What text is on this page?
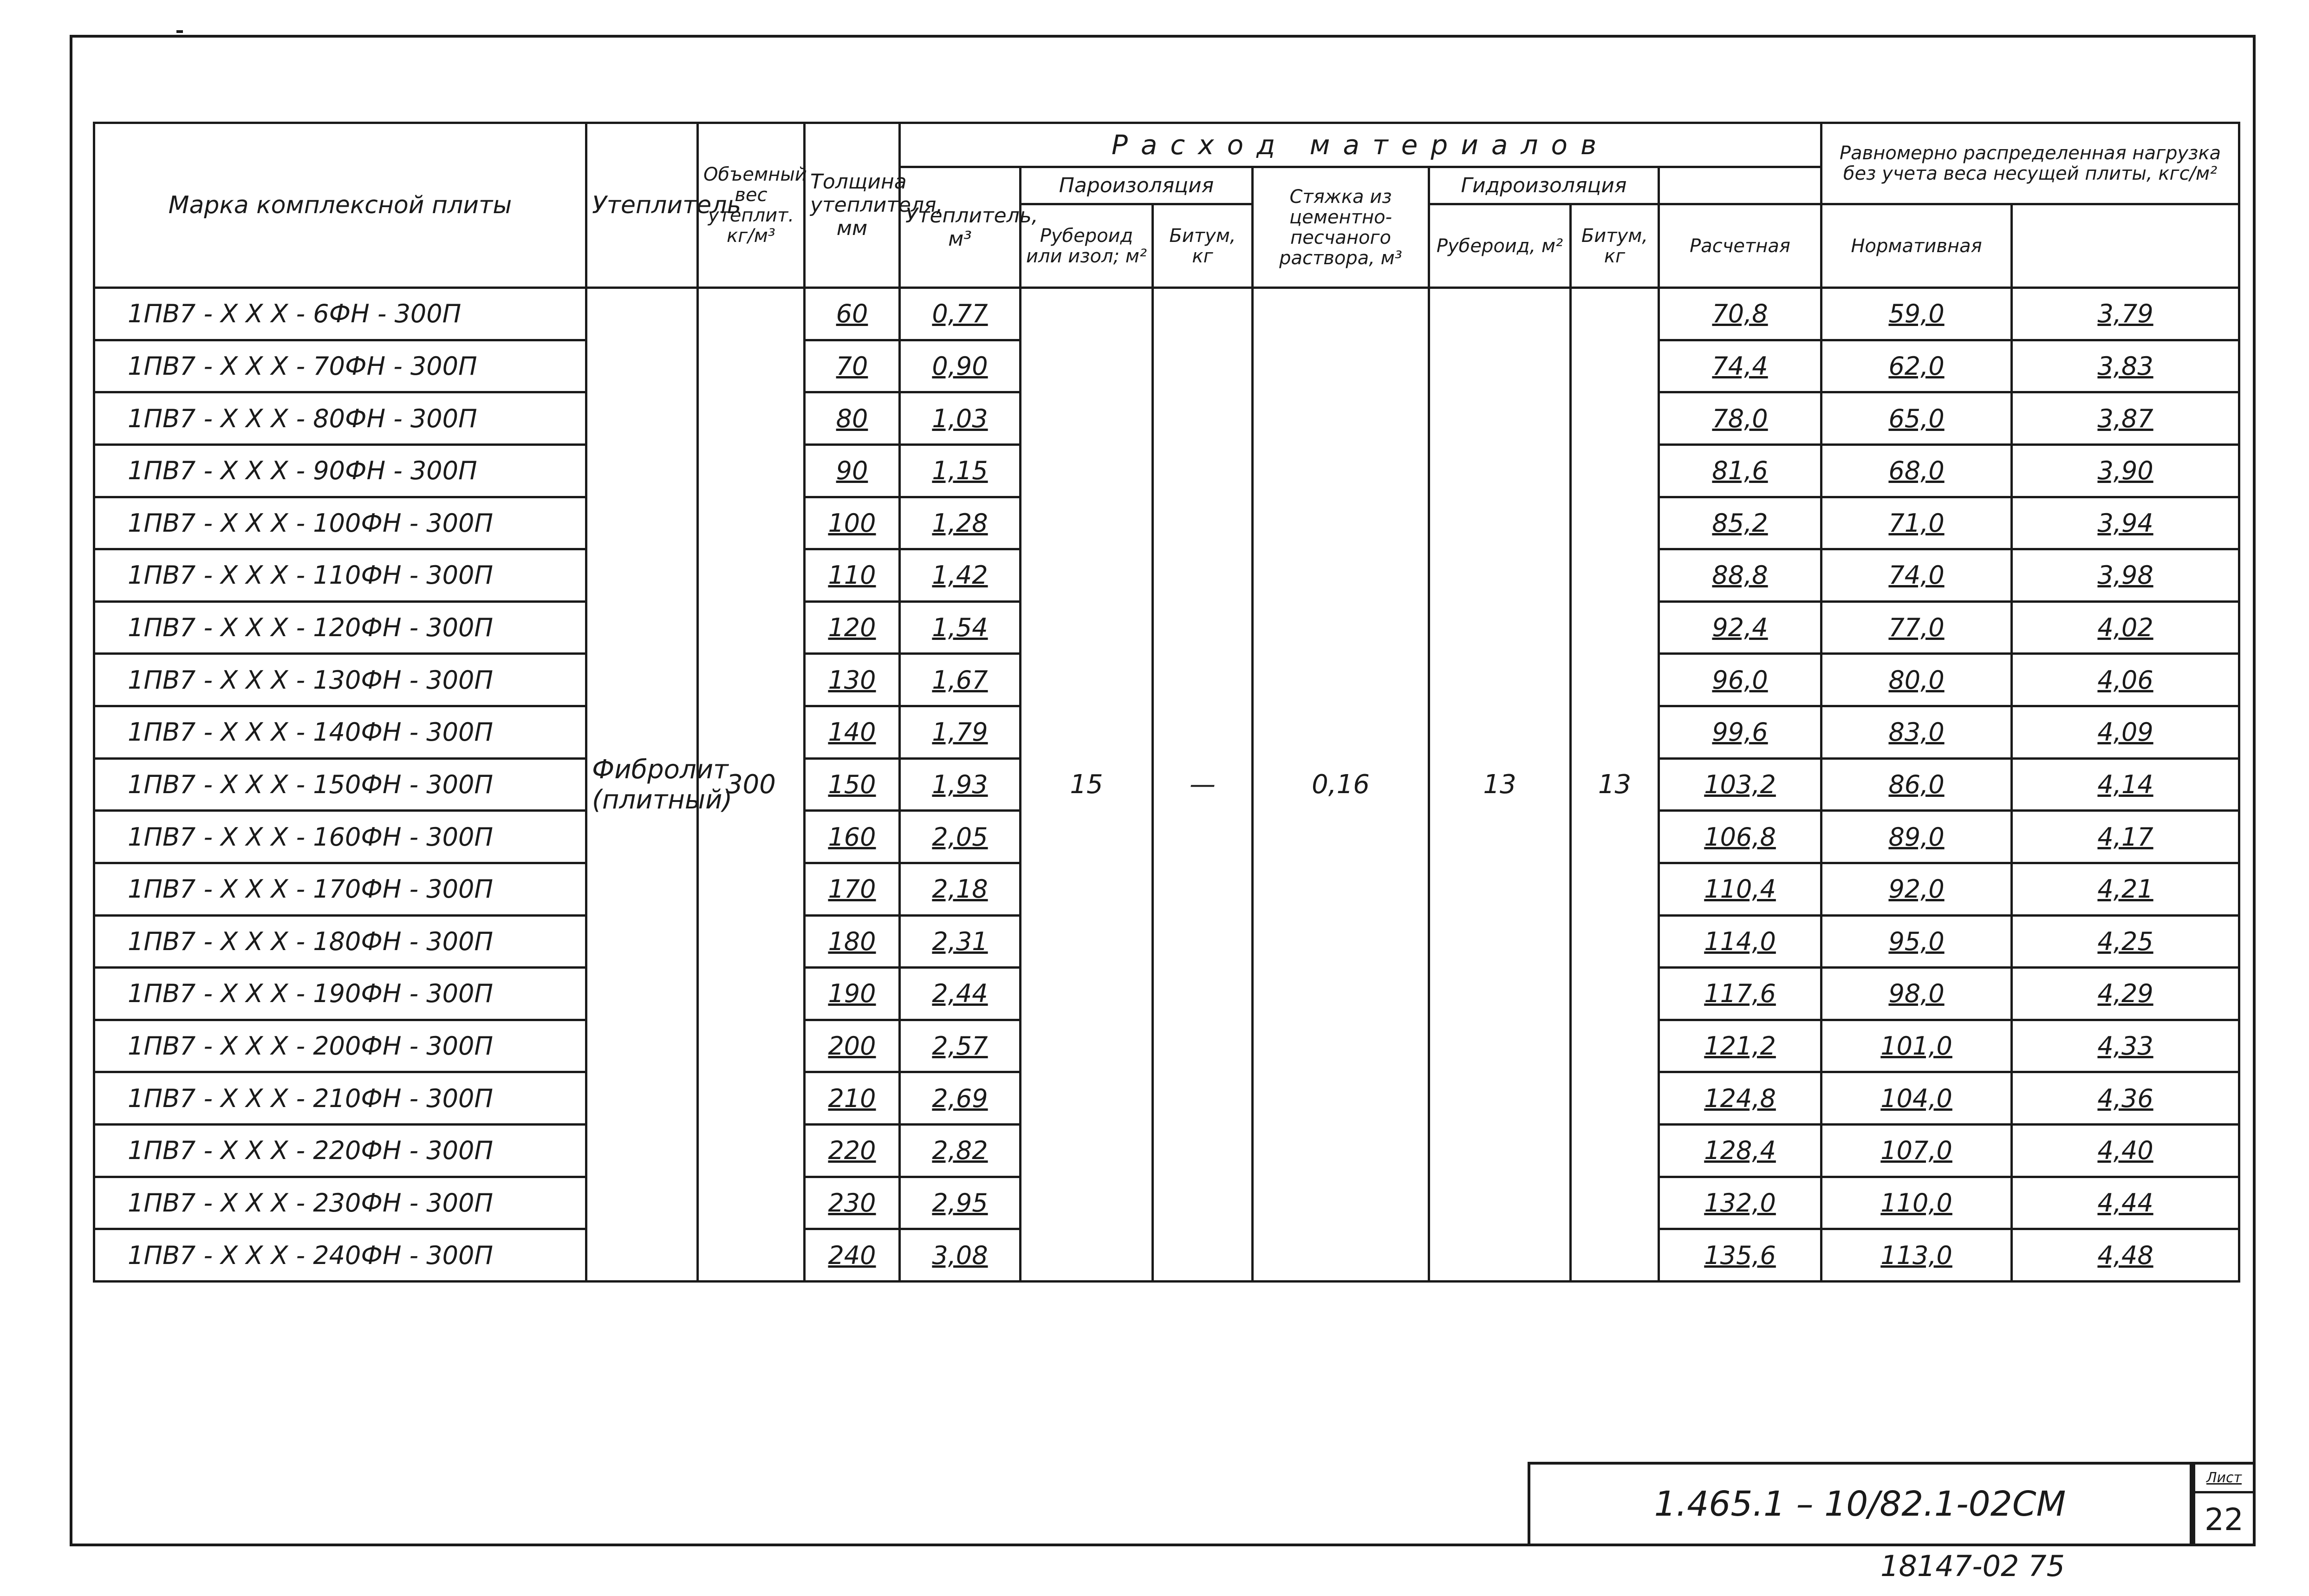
Марка комплексной плиты	Утеплитель	Объемный вес утеплит. кг/м³	Толщина утеплителя, мм	Расход материалов							Равномерно распределенная нагрузка без учета веса несущей плиты, кгс/м²	
				Утеплитель, м³	Пароизоляция		Стяжка из цементно-песчаного раствора, м³	Гидроизоляция					
					Рубероид или изол; м²	Битум, кг		Рубероид, м²	Битум, кг	Расчетная	Нормативная		
1ПВ7 - X X X - 6ФН - 300П	Фибролит (плитный)	300	60	0,77	15	—	0,16	13	13	70,8	59,0	3,79	
1ПВ7 - X X X - 70ФН - 300П			70	0,90						74,4	62,0	3,83	
1ПВ7 - X X X - 80ФН - 300П			80	1,03						78,0	65,0	3,87	
1ПВ7 - X X X - 90ФН - 300П			90	1,15						81,6	68,0	3,90	
1ПВ7 - X X X - 100ФН - 300П			100	1,28						85,2	71,0	3,94	
1ПВ7 - X X X - 110ФН - 300П			110	1,42						88,8	74,0	3,98	
1ПВ7 - X X X - 120ФН - 300П			120	1,54						92,4	77,0	4,02	
1ПВ7 - X X X - 130ФН - 300П			130	1,67						96,0	80,0	4,06	
1ПВ7 - X X X - 140ФН - 300П			140	1,79						99,6	83,0	4,09	
1ПВ7 - X X X - 150ФН - 300П			150	1,93						103,2	86,0	4,14	
1ПВ7 - X X X - 160ФН - 300П			160	2,05						106,8	89,0	4,17	
1ПВ7 - X X X - 170ФН - 300П			170	2,18						110,4	92,0	4,21	
1ПВ7 - X X X - 180ФН - 300П			180	2,31						114,0	95,0	4,25	
1ПВ7 - X X X - 190ФН - 300П			190	2,44						117,6	98,0	4,29	
1ПВ7 - X X X - 200ФН - 300П			200	2,57						121,2	101,0	4,33	
1ПВ7 - X X X - 210ФН - 300П			210	2,69						124,8	104,0	4,36	
1ПВ7 - X X X - 220ФН - 300П			220	2,82						128,4	107,0	4,40	
1ПВ7 - X X X - 230ФН - 300П			230	2,95						132,0	110,0	4,44	
1ПВ7 - X X X - 240ФН - 300П			240	3,08						135,6	113,0	4,48	
1.465.1 – 10/82.1-02СМ
Лист
22
18147-02 75
